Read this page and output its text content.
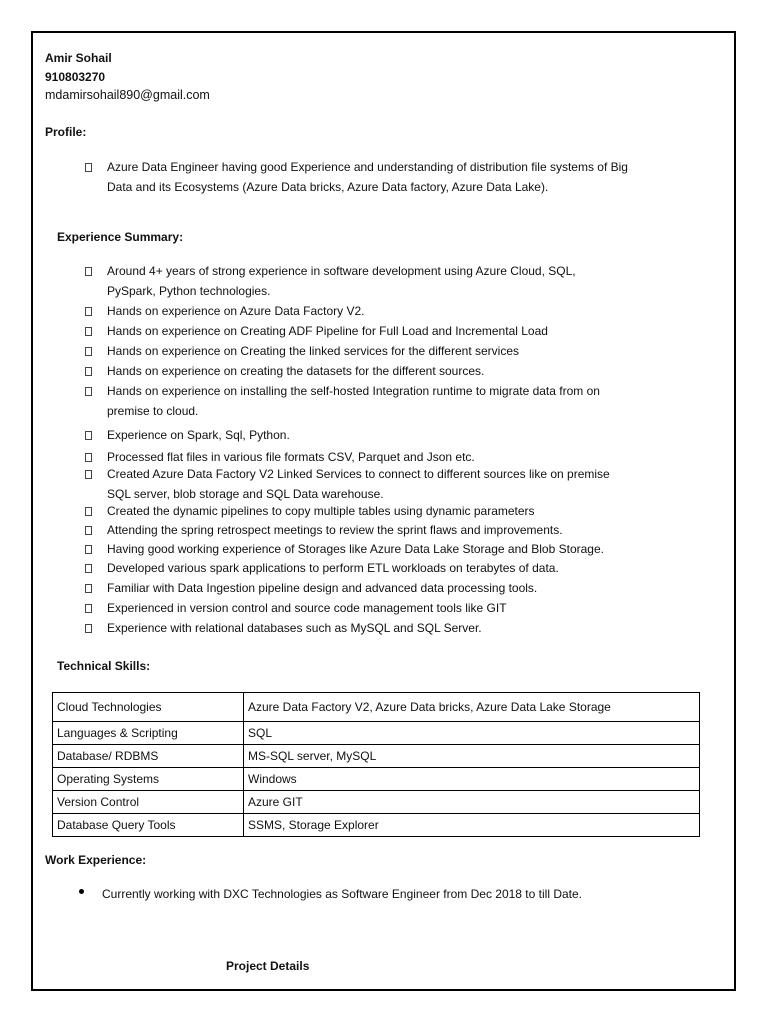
Amir Sohail
910803270
mdamirsohail890@gmail.com
Profile:
Azure Data Engineer having good Experience and understanding of distribution file systems of Big
Data and its Ecosystems (Azure Data bricks, Azure Data factory, Azure Data Lake).
Experience Summary:
Around 4+ years of strong experience in software development using Azure Cloud, SQL,
PySpark, Python technologies.
Hands on experience on Azure Data Factory V2.
Hands on experience on Creating ADF Pipeline for Full Load and Incremental Load
Hands on experience on Creating the linked services for the different services
Hands on experience on creating the datasets for the different sources.
Hands on experience on installing the self-hosted Integration runtime to migrate data from on
premise to cloud.
Experience on Spark, Sql, Python.
Processed flat files in various file formats CSV, Parquet and Json etc.
Created Azure Data Factory V2 Linked Services to connect to different sources like on premise
SQL server, blob storage and SQL Data warehouse.
Created the dynamic pipelines to copy multiple tables using dynamic parameters
Attending the spring retrospect meetings to review the sprint flaws and improvements.
Having good working experience of Storages like Azure Data Lake Storage and Blob Storage.
Developed various spark applications to perform ETL workloads on terabytes of data.
Familiar with Data Ingestion pipeline design and advanced data processing tools.
Experienced in version control and source code management tools like GIT
Experience with relational databases such as MySQL and SQL Server.
Technical Skills:
Cloud Technologies	Azure Data Factory V2, Azure Data bricks, Azure Data Lake Storage
Languages & Scripting	SQL
Database/ RDBMS	MS-SQL server, MySQL
Operating Systems	Windows
Version Control	Azure GIT
Database Query Tools	SSMS, Storage Explorer
Work Experience:
Currently working with DXC Technologies as Software Engineer from Dec 2018 to till Date.
Project Details
